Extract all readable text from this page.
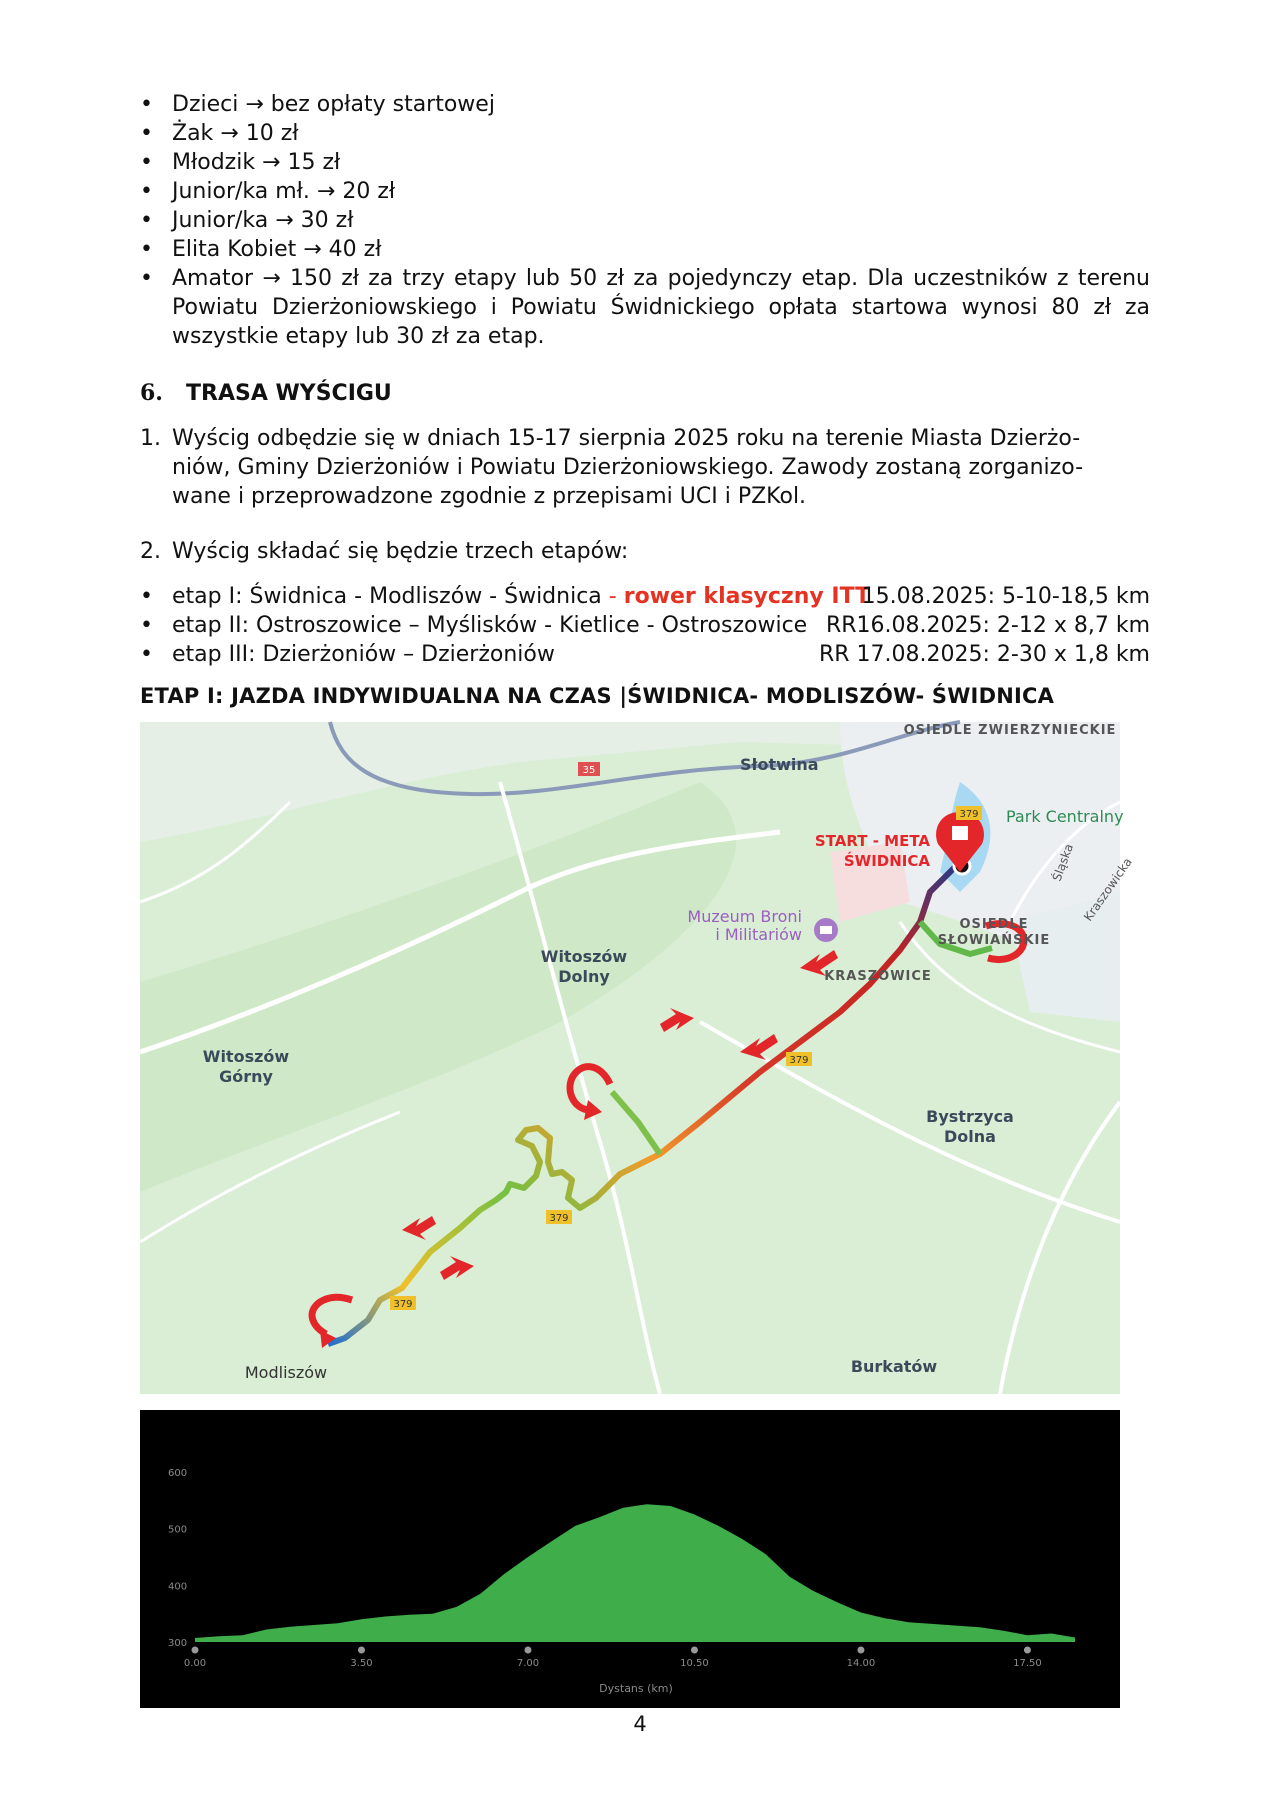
• Dzieci → bez opłaty startowej
• Żak → 10 zł
• Młodzik → 15 zł
• Junior/ka mł. → 20 zł
• Junior/ka → 30 zł
• Elita Kobiet → 40 zł
• Amator → 150 zł za trzy etapy lub 50 zł za pojedynczy etap. Dla uczestników z terenu Powiatu Dzierżoniowskiego i Powiatu Świdnickiego opłata startowa wynosi 80 zł za wszystkie etapy lub 30 zł za etap.
6. TRASA WYŚCIGU

1. Wyścig odbędzie się w dniach 15-17 sierpnia 2025 roku na terenie Miasta Dzierżo- niów, Gminy Dzierżoniów i Powiatu Dzierżoniowskiego. Zawody zostaną zorganizo- wane i przeprowadzone zgodnie z przepisami UCI i PZKol.

2. Wyścig składać się będzie trzech etapów:

• etap I: Świdnica - Modliszów - Świdnica - rower klasyczny ITT
15.08.2025: 5-10-18,5 km
• etap II: Ostroszowice – Myślisków - Kietlice - Ostroszowice RR16.08.2025: 2-12 x 8,7 km
• etap III: Dzierżoniów – Dzierżoniów	RR 17.08.2025: 2-30 x 1,8 km
ETAP I: JAZDA INDYWIDUALNA NA CZAS |ŚWIDNICA- MODLISZÓW- ŚWIDNICA
35
379
379
379
379
OSIEDLE ZWIERZYNIECKIE
Słotwina
Park Centralny
START - META
ŚWIDNICA
Muzeum Broni
i Militariów
Witoszów
Dolny
Witoszów
Górny
OSIEDLE
SŁOWIAŃSKIE
KRASZOWICE
Śląska Kraszowicka
Bystrzyca
Dolna
Modliszów	Burkatów
600
500
400
300
0.00	3.50	7.00	10.50	14.00	17.50
Dystans (km)
4
